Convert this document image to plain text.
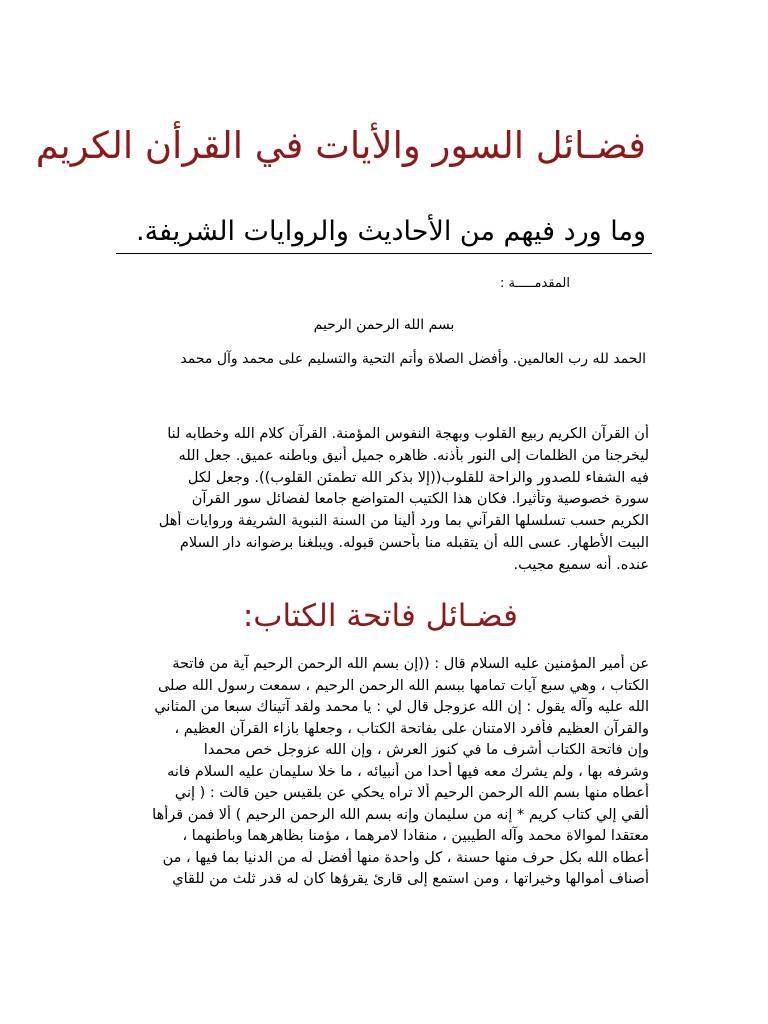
فضـائل السور والأيات في القرأن الكريم
وما ورد فيهم من الأحاديث والروايات الشريفة.
المقدمـــــة :
بسم الله الرحمن الرحيم
الحمد لله رب العالمين. وأفضل الصلاة وأتم التحية والتسليم على محمد وآل محمد
أن القرآن الكريم ربيع القلوب وبهجة النفوس المؤمنة. القرآن كلام الله وخطابه لنا
ليخرجنا من الظلمات إلى النور بأذنه. ظاهره جميل أنيق وباطنه عميق. جعل الله
فيه الشفاء للصدور والراحة للقلوب((إلا بذكر الله تطمئن القلوب)). وجعل لكل
سورة خصوصية وتأثيرا. فكان هذا الكتيب المتواضع جامعا لفضائل سور القرآن
الكريم حسب تسلسلها القرآني بما ورد ألينا من السنة النبوية الشريفة وروايات أهل
البيت الأطهار. عسى الله أن يتقبله منا بأحسن قبوله. ويبلغنا برضوانه دار السلام
عنده. أنه سميع مجيب.
فضـائل فاتحة الكتاب:
عن أمير المؤمنين عليه السلام قال : ((إن بسم الله الرحمن الرحيم آية من فاتحة
الكتاب ، وهي سبع آيات تمامها ببسم الله الرحمن الرحيم ، سمعت رسول الله صلى
الله عليه وآله يقول : إن الله عزوجل قال لي : يا محمد ولقد آتيناك سبعا من المثاني
والقرآن العظيم فأفرد الامتنان على بفاتحة الكتاب ، وجعلها بازاء القرآن العظيم ،
وإن فاتحة الكتاب أشرف ما في كنوز العرش ، وإن الله عزوجل خص محمدا
وشرفه بها ، ولم يشرك معه فيها أحدا من أنبيائه ، ما خلا سليمان عليه السلام فانه
أعطاه منها بسم الله الرحمن الرحيم ألا تراه يحكي عن بلقيس حين قالت : ( إني
ألقي إلي كتاب كريم * إنه من سليمان وإنه بسم الله الرحمن الرحيم ) ألا فمن قرأها
معتقدا لموالاة محمد وآله الطيبين ، منقادا لامرهما ، مؤمنا بظاهرهما وباطنهما ،
أعطاه الله بكل حرف منها حسنة ، كل واحدة منها أفضل له من الدنيا بما فيها ، من
أصناف أموالها وخيراتها ، ومن استمع إلى قارئ يقرؤها كان له قدر ثلث من للقاي
